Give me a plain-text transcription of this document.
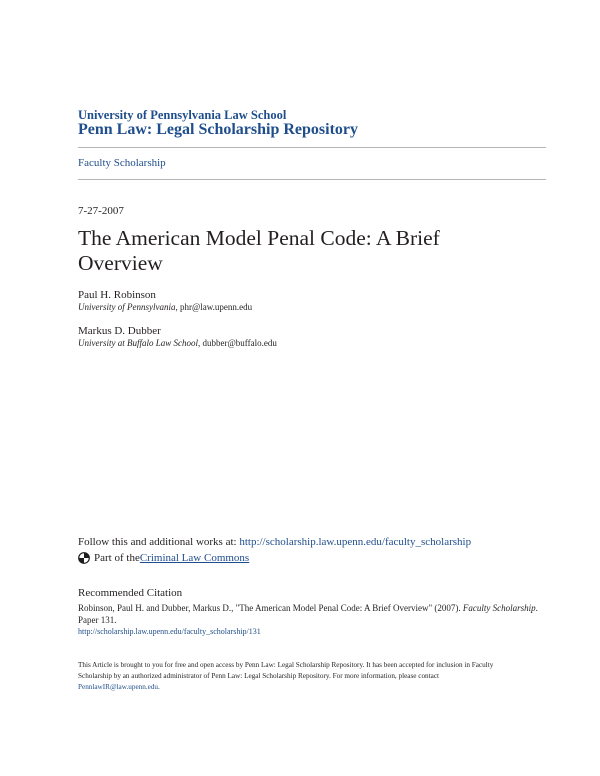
University of Pennsylvania Law School
Penn Law: Legal Scholarship Repository
Faculty Scholarship
7-27-2007
The American Model Penal Code: A Brief
Overview
Paul H. Robinson
University of Pennsylvania, phr@law.upenn.edu
Markus D. Dubber
University at Buffalo Law School, dubber@buffalo.edu
Follow this and additional works at: http://scholarship.law.upenn.edu/faculty_scholarship
Part of the Criminal Law Commons
Recommended Citation
Robinson, Paul H. and Dubber, Markus D., "The American Model Penal Code: A Brief Overview" (2007). Faculty Scholarship. Paper 131.
http://scholarship.law.upenn.edu/faculty_scholarship/131
This Article is brought to you for free and open access by Penn Law: Legal Scholarship Repository. It has been accepted for inclusion in Faculty
Scholarship by an authorized administrator of Penn Law: Legal Scholarship Repository. For more information, please contact
PennlawIR@law.upenn.edu.
